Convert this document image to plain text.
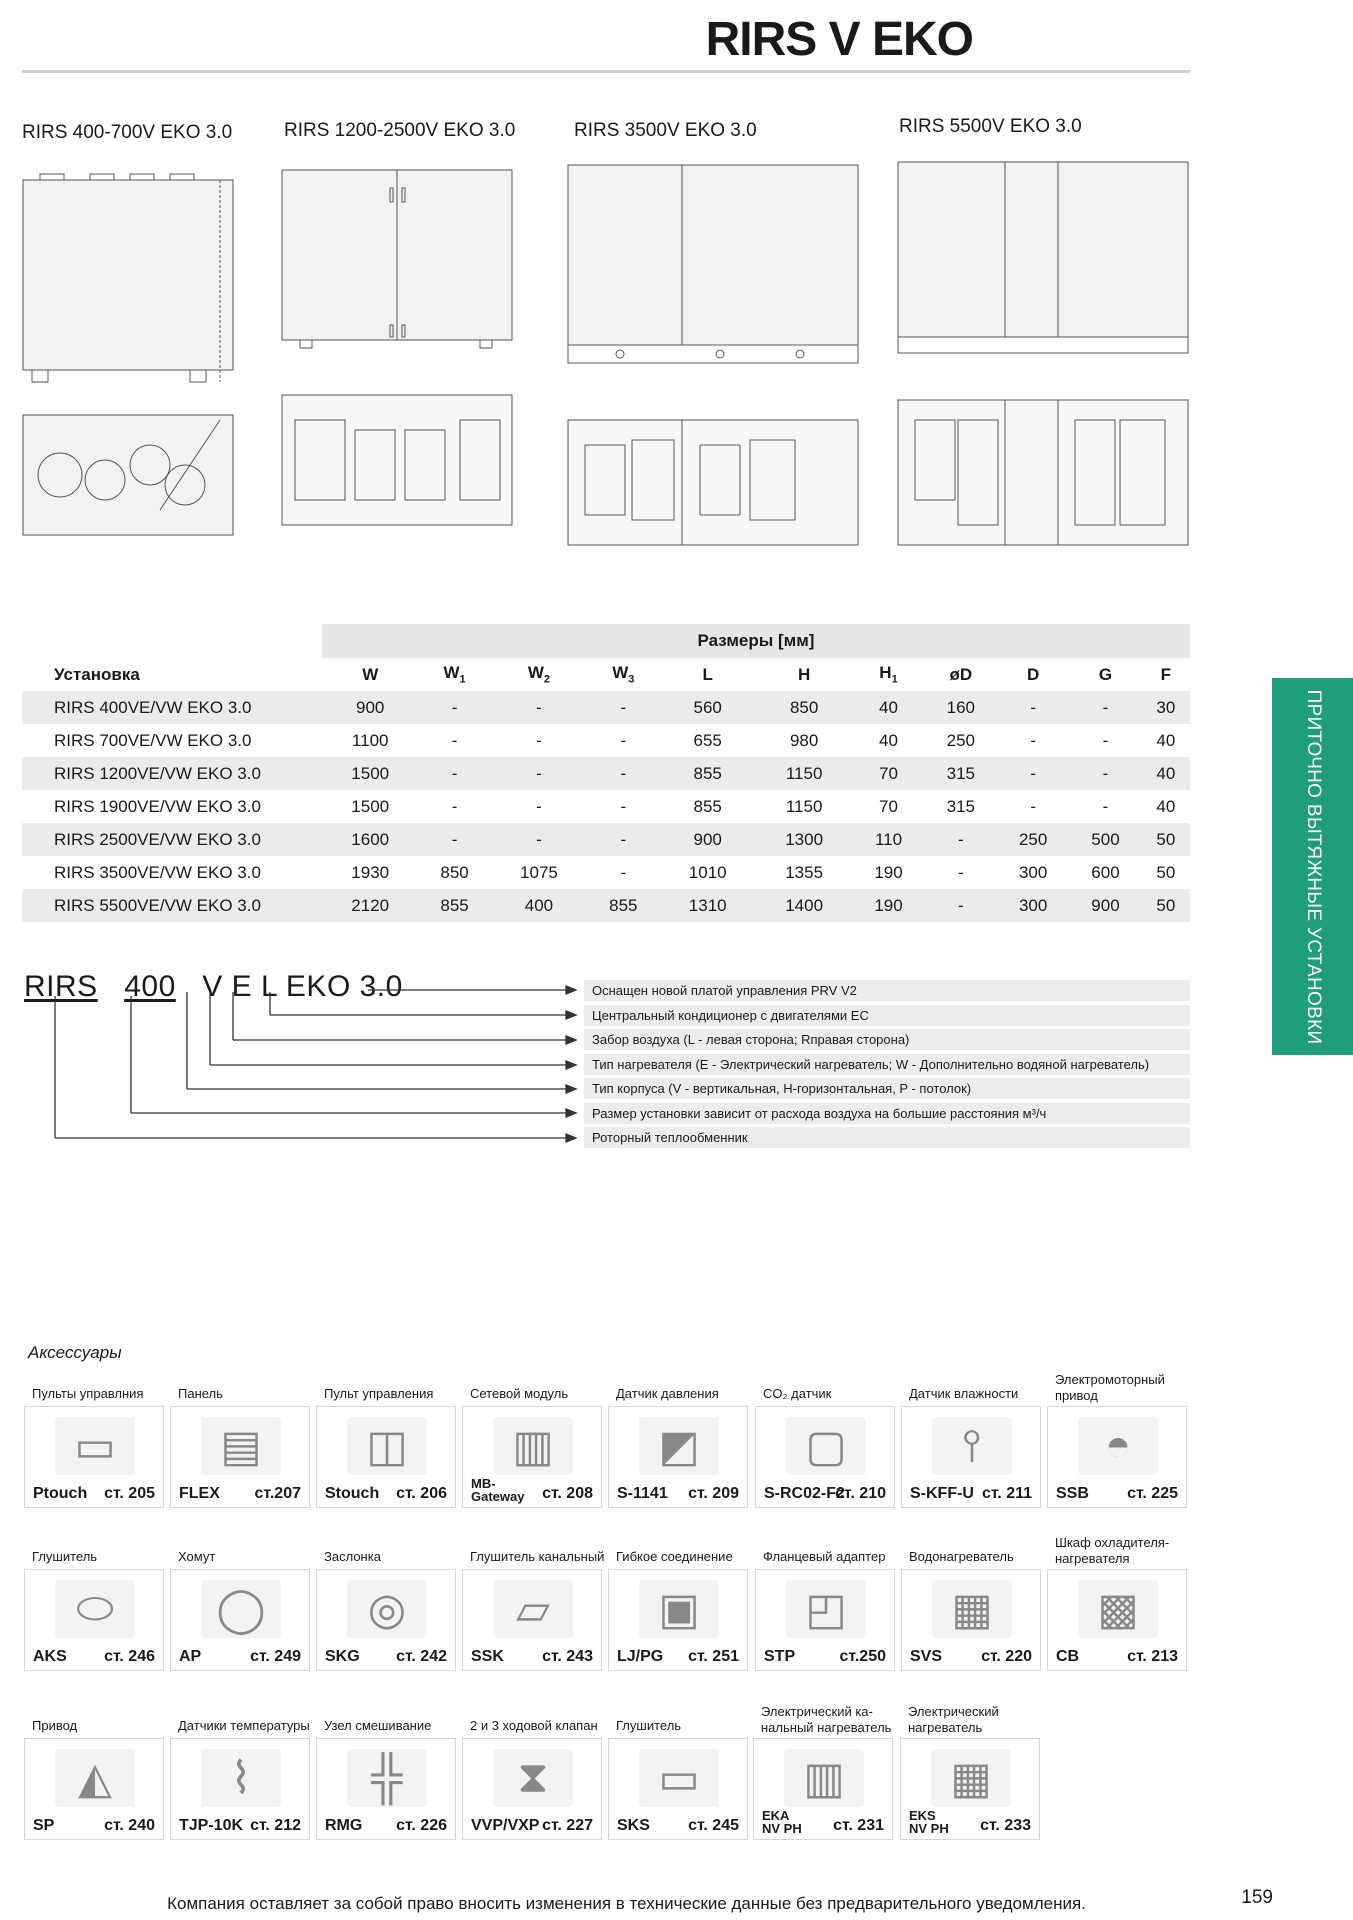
RIRS V EKO
RIRS 400-700V EKO 3.0	RIRS 1200-2500V EKO 3.0	RIRS 3500V EKO 3.0	RIRS 5500V EKO 3.0
ПРИТОЧНО ВЫТЯЖНЫЕ УСТАНОВКИ
	Размеры [мм]										
Установка	W	$W_1$	$W_2$	$W_3$	L	H	$H_1$	øD	D	G	F
RIRS 400VE/VW EKO 3.0	900	-	-	-	560	850	40	160	-	-	30
RIRS 700VE/VW EKO 3.0	1100	-	-	-	655	980	40	250	-	-	40
RIRS 1200VE/VW EKO 3.0	1500	-	-	-	855	1150	70	315	-	-	40
RIRS 1900VE/VW EKO 3.0	1500	-	-	-	855	1150	70	315	-	-	40
RIRS 2500VE/VW EKO 3.0	1600	-	-	-	900	1300	110	-	250	500	50
RIRS 3500VE/VW EKO 3.0	1930	850	1075	-	1010	1355	190	-	300	600	50
RIRS 5500VE/VW EKO 3.0	2120	855	400	855	1310	1400	190	-	300	900	50
RIRS 400 V E L EKO 3.0	Оснащен новой платой управления PRV V2
Центральный кондиционер с двигателями EC
Забор воздуха (L - левая сторона; Rправая сторона)
Тип нагревателя (E - Электрический нагреватель; W - Дополнительно водяной нагреватель)
Тип корпуса (V - вертикальная, H-горизонтальная, P - потолок)
Размер установки зависит от расхода воздуха на большие расстояния м³/ч
Роторный теплообменник
Аксессуары
Пульты управлния
▭
Ptouch ст. 205
Панель
▤
FLEX ст.207
Пульт управления
◫
Stouch ст. 206
Сетевой модуль
▥
MB-
Gateway ст. 208
Датчик давления
◩
S-1141 ст. 209
CO₂ датчик
▢
S-RC02-F2
ст. 210
Датчик влажности
⫯
S-KFF-U ст. 211
Электромоторный
привод
◓
SSB ст. 225
Глушитель
⬭
AKS ст. 246
Хомут
◯
AP	ст. 249
Заслонка
◎
SKG ст. 242
Глушитель канальный
▱
SSK ст. 243
Гибкое соединение
▣
LJ/PG ст. 251
Фланцевый адаптер
◰
STP	ст.250
Водонагреватель
▦
SVS ст. 220
Шкаф охладителя-
нагревателя
▩
CB	ст. 213
Привод
◭
SP	ст. 240
Датчики температуры
⌇
TJP-10K ст. 212
Узел смешивание
╬
RMG ст. 226
2 и 3 ходовой клапан
⧗
VVP/VXP ст. 227
Глушитель
▭
SKS ст. 245
Электрический ка-
нальный нагреватель
▥
EKA
NV PH ст. 231
Электрический
нагреватель
▦
EKS
NV PH ст. 233
Компания оставляет за собой право вносить изменения в технические данные без предварительного уведомления.	159
